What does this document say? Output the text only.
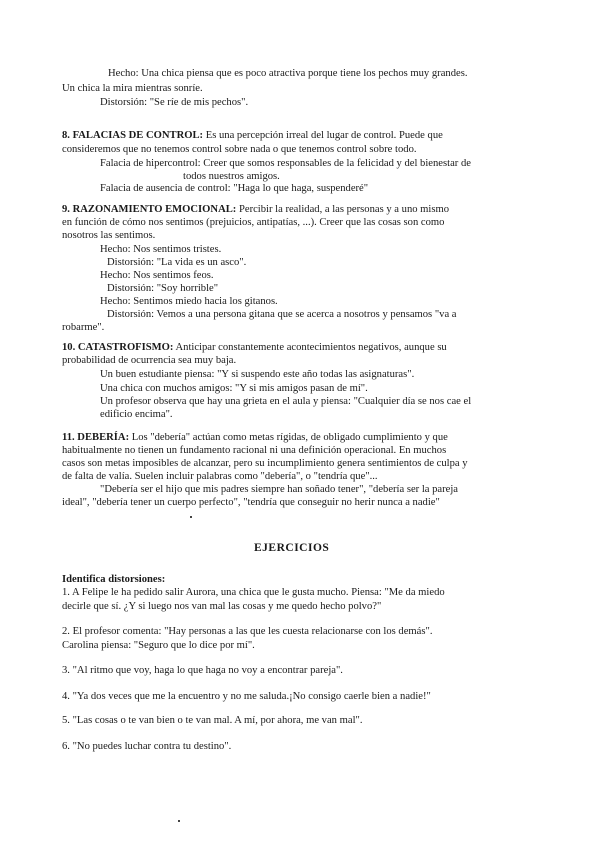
Hecho: Una chica piensa que es poco atractiva porque tiene los pechos muy grandes.
Un chica la mira mientras sonríe.
Distorsión: "Se ríe de mis pechos".
8. FALACIAS DE CONTROL: Es una percepción irreal del lugar de control. Puede que
consideremos que no tenemos control sobre nada o que tenemos control sobre todo.
Falacia de hipercontrol: Creer que somos responsables de la felicidad y del bienestar de
todos nuestros amigos.
Falacia de ausencia de control: "Haga lo que haga, suspenderé"
9. RAZONAMIENTO EMOCIONAL: Percibir la realidad, a las personas y a uno mismo
en función de cómo nos sentimos (prejuicios, antipatías, ...). Creer que las cosas son como
nosotros las sentimos.
Hecho: Nos sentimos tristes.
Distorsión: "La vida es un asco".
Hecho: Nos sentimos feos.
Distorsión: "Soy horrible"
Hecho: Sentimos miedo hacia los gitanos.
Distorsión: Vemos a una persona gitana que se acerca a nosotros y pensamos "va a
robarme".
10. CATASTROFISMO: Anticipar constantemente acontecimientos negativos, aunque su
probabilidad de ocurrencia sea muy baja.
Un buen estudiante piensa: "Y si suspendo este año todas las asignaturas".
Una chica con muchos amigos: "Y si mis amigos pasan de mí".
Un profesor observa que hay una grieta en el aula y piensa: "Cualquier día se nos cae el
edificio encima".
11. DEBERÍA: Los "debería" actúan como metas rígidas, de obligado cumplimiento y que
habitualmente no tienen un fundamento racional ni una definición operacional. En muchos
casos son metas imposibles de alcanzar, pero su incumplimiento genera sentimientos de culpa y
de falta de valía. Suelen incluir palabras como "debería", o "tendría que"...
"Debería ser el hijo que mis padres siempre han soñado tener", "debería ser la pareja
ideal", "debería tener un cuerpo perfecto", "tendría que conseguir no herir nunca a nadie"
EJERCICIOS
Identifica distorsiones:
1. A Felipe le ha pedido salir Aurora, una chica que le gusta mucho. Piensa: "Me da miedo
decirle que sí. ¿Y si luego nos van mal las cosas y me quedo hecho polvo?"
2. El profesor comenta: "Hay personas a las que les cuesta relacionarse con los demás".
Carolina piensa: "Seguro que lo dice por mí".
3. "Al ritmo que voy, haga lo que haga no voy a encontrar pareja".
4. "Ya dos veces que me la encuentro y no me saluda.¡No consigo caerle bien a nadie!"
5. "Las cosas o te van bien o te van mal. A mí, por ahora, me van mal".
6. "No puedes luchar contra tu destino".
